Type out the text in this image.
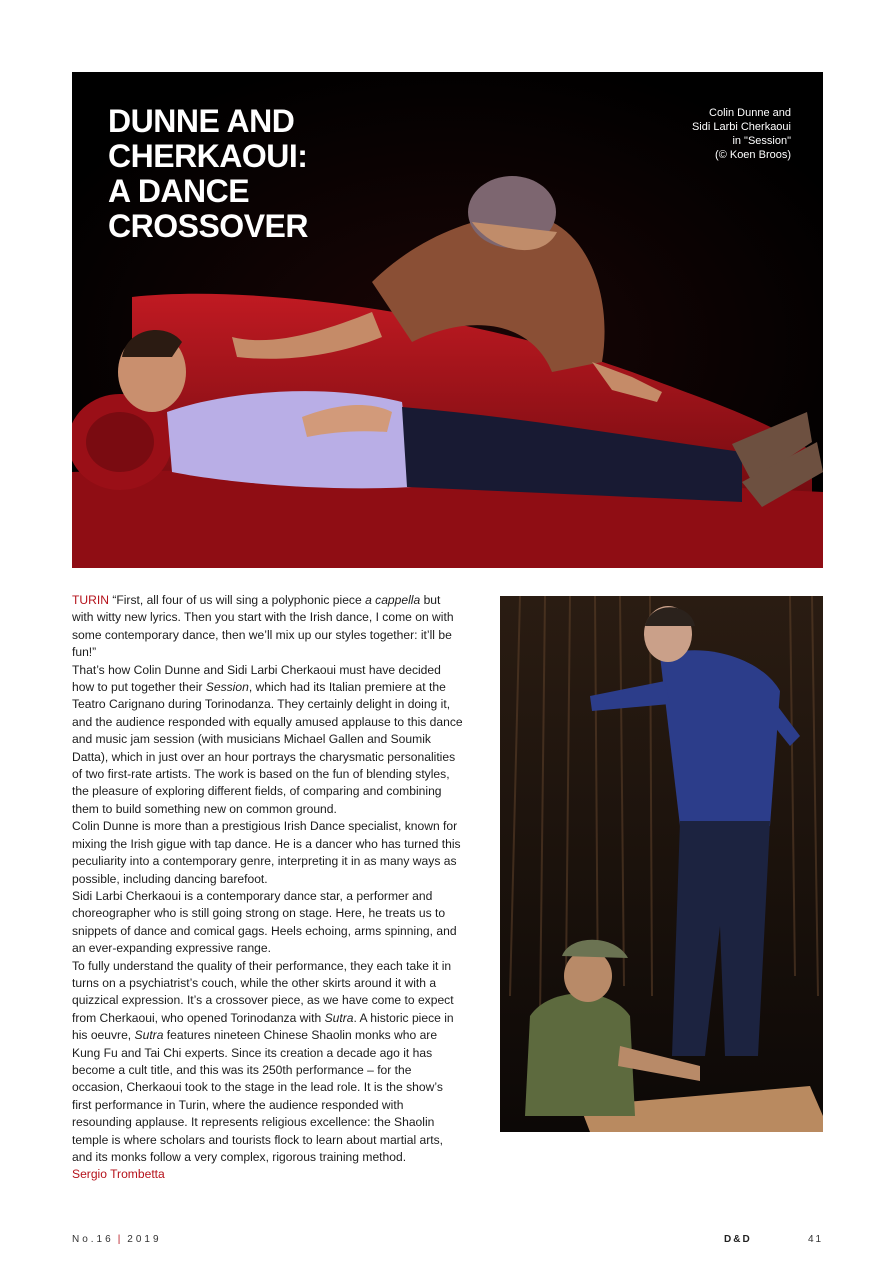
DUNNE AND
CHERKAOUI:
A DANCE
CROSSOVER
Colin Dunne and
Sidi Larbi Cherkaoui
in "Session"
(© Koen Broos)

TURIN “First, all four of us will sing a polyphonic piece a cappella but with witty new lyrics. Then you start with the Irish dance, I come on with some contemporary dance, then we’ll mix up our styles together: it’ll be fun!”

That’s how Colin Dunne and Sidi Larbi Cherkaoui must have decided how to put together their Session, which had its Italian premiere at the Teatro Carignano during Torinodanza. They certainly delight in doing it, and the audience responded with equally amused applause to this dance and music jam session (with musicians Michael Gallen and Soumik Datta), which in just over an hour portrays the charysmatic personalities of two first-rate artists. The work is based on the fun of blending styles, the pleasure of exploring different fields, of comparing and combining them to build something new on common ground.

Colin Dunne is more than a prestigious Irish Dance specialist, known for mixing the Irish gigue with tap dance. He is a dancer who has turned this peculiarity into a contemporary genre, interpreting it in as many ways as possible, including dancing barefoot.

Sidi Larbi Cherkaoui is a contemporary dance star, a performer and choreographer who is still going strong on stage. Here, he treats us to snippets of dance and comical gags. Heels echoing, arms spinning, and an ever-expanding expressive range.

To fully understand the quality of their performance, they each take it in turns on a psychiatrist’s couch, while the other skirts around it with a quizzical expression. It’s a crossover piece, as we have come to expect from Cherkaoui, who opened Torinodanza with Sutra. A historic piece in his oeuvre, Sutra features nineteen Chinese Shaolin monks who are Kung Fu and Tai Chi experts. Since its creation a decade ago it has become a cult title, and this was its 250th performance – for the occasion, Cherkaoui took to the stage in the lead role. It is the show’s first performance in Turin, where the audience responded with resounding applause. It represents religious excellence: the Shaolin temple is where scholars and tourists flock to learn about martial arts, and its monks follow a very complex, rigorous training method.

Sergio Trombetta

No.16 | 2019	D&D	41
